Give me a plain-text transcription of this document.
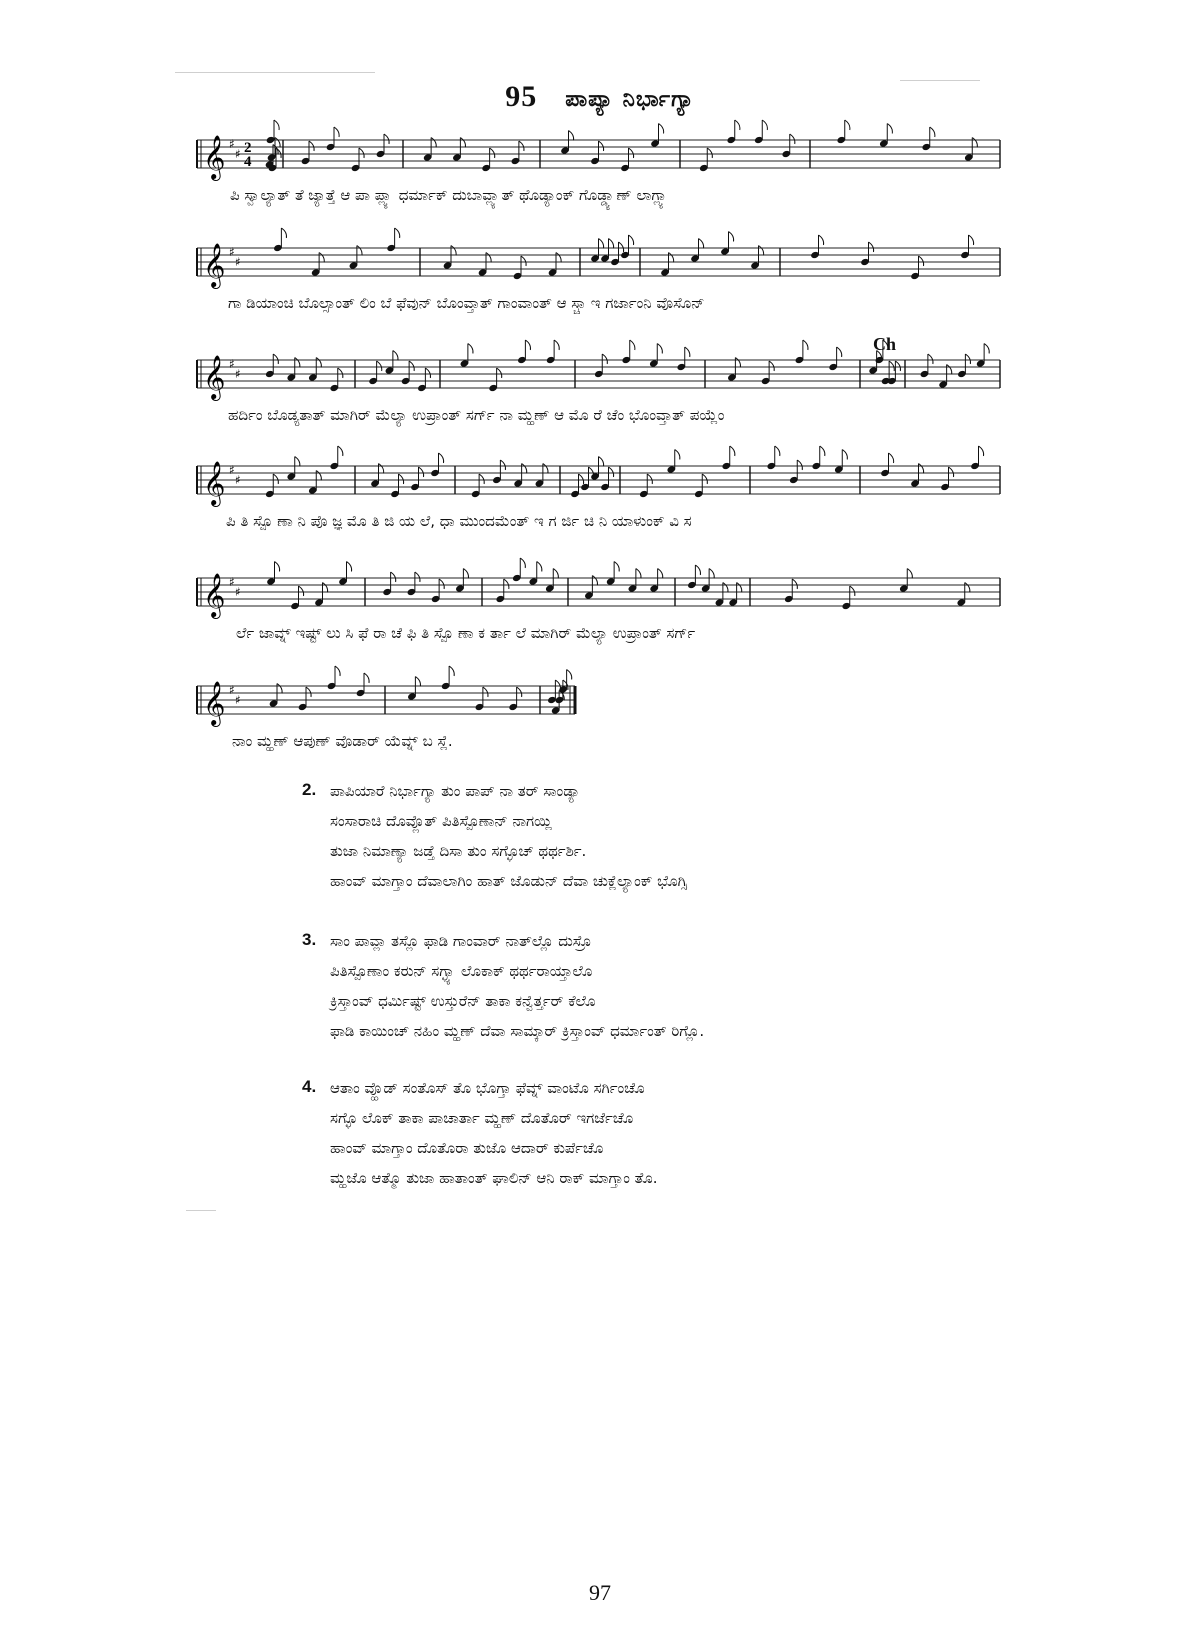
95 ಪಾಪ್ಯಾ ನಿರ್ಭಾಗ್ಯಾ
𝄞 ♯
♯ 2
4
ಪಿ ಸ್ವಾಲ್ಯಾತ್ ತೆ ಜ್ಯಾತ್ತೆ ಆ ಪಾ ಪ್ಲ್ಯಾ ಧರ್ಮಾಕ್ ದುಬಾವ್ಲ್ಯಾತ್ ಥೊಡ್ಯಾಂಕ್ ಗೊಡ್ಡ್ಯಾಣ್ ಲಾಗ್ಲ್ಯಾ
𝄞 ♯
♯
ಗಾ ಡಿಯಾಂಚಿ ಬೊಲ್ಸಾಂತ್ ಲಿಂ ಬೆ ಫೆವುನ್ ಬೊಂವ್ತಾತ್ ಗಾಂವಾಂತ್ ಆ ಸ್ಚಾ ಇ ಗರ್ಜಾಂನಿ ವೊಸೊನ್
Ch
𝄞 ♯
♯
ಹರ್ದಿಂ ಬೊಡ್ಯತಾತ್ ಮಾಗಿರ್ ಮೆಲ್ಯಾ ಉಪ್ರಾಂತ್ ಸರ್ಗ್ ನಾ ಮ್ಹಣ್ ಆ ಮೊ ರೆ ಚೆಂ ಭೊಂವ್ತಾತ್ ಪಯ್ಲೆಂ
𝄞 ♯
♯
ಪಿ ತಿ ಸ್ಪೊ ಣಾ ನಿ ಪೊ ಜ್ಞ ಮೊ ತಿ ಜಿ ಯ ಲೆ, ಧಾ ಮುಂದಮೆಂತ್ ಇ ಗ ರ್ಜಿ ಚಿ ನಿ ಯಾಳುಂಕ್ ವಿ ಸ
𝄞 ♯
♯
ರ್ಲೆ ಜಾವ್ನ್ ಇಷ್ಟ್ ಲು ಸಿ ಫೆ ರಾ ಚೆ ಫಿ ತಿ ಸ್ಪೊ ಣಾ ಕ ರ್ತಾ ಲೆ ಮಾಗಿರ್ ಮೆಲ್ಯಾ ಉಪ್ರಾಂತ್ ಸರ್ಗ್
𝄞 ♯
♯
ನಾಂ ಮ್ಹಣ್ ಆಪುಣ್ ವೊಡಾರ್ ಯೆವ್ನ್ ಬ ಸ್ಲೆ.
2. ಪಾಪಿಯಾರೆ ನಿರ್ಭಾಗ್ಯಾ ತುಂ ಪಾಪ್ ನಾ ತರ್ ಸಾಂಡ್ಯಾ
ಸಂಸಾರಾಚಿ ದೊವ್ಲೊತ್ ಪಿತಿಸ್ಪೊಣಾನ್ ನಾಗಯ್ಲಿ
ತುಜಾ ನಿಮಾಣ್ಯಾ ಜಡ್ತೆ ದಿಸಾ ತುಂ ಸಗ್ಳೊಚ್ ಥರ್ಥರ್ಶಿ.
ಹಾಂವ್ ಮಾಗ್ತಾಂ ದೆವಾಲಾಗಿಂ ಹಾತ್ ಜೊಡುನ್ ದೆವಾ ಚುಕ್ಲೆಲ್ಯಾಂಕ್ ಭೊಗ್ಸಿ
3. ಸಾಂ ಪಾವ್ಲಾ ತಸ್ಲೊ ಫಾಡಿ ಗಾಂವಾರ್ ನಾತ್‌ಲ್ಲೊ ದುಸ್ರೊ
ಪಿತಿಸ್ಪೊಣಾಂ ಕರುನ್ ಸಗ್ಳ್ಯಾ ಲೊಕಾಕ್ ಥರ್ಥರಾಯ್ತಾಲೊ
ಕ್ರಿಸ್ತಾಂವ್ ಧರ್ಮಿಷ್ಟ್ ಉಸ್ತುರೆನ್ ತಾಕಾ ಕನ್ವೆರ್ತ್ತರ್ ಕೆಲೊ
ಫಾಡಿ ಕಾಯಿಂಚ್ ನಹಿಂ ಮ್ಹಣ್ ದೆವಾ ಸಾಮ್ಕಾರ್ ಕ್ರಿಸ್ತಾಂವ್ ಧರ್ಮಾಂತ್ ರಿಗ್ಲೊ.
4. ಆತಾಂ ವ್ಹೊಡ್ ಸಂತೊಸ್ ತೊ ಭೊಗ್ತಾ ಫೆವ್ನ್ ವಾಂಟೊ ಸರ್ಗಿಂಚೊ
ಸಗ್ಳೊ ಲೊಕ್ ತಾಕಾ ಪಾಚಾರ್ತಾ ಮ್ಹಣ್ ದೊತೊರ್ ಇಗರ್ಜೆಚೊ
ಹಾಂವ್ ಮಾಗ್ತಾಂ ದೊತೊರಾ ತುಜೊ ಆದಾರ್ ಕುರ್ಪೆಚೊ
ಮ್ಹಜೊ ಆತ್ಮೊ ತುಜಾ ಹಾತಾಂತ್ ಘಾಲಿನ್ ಆನಿ ರಾಕ್ ಮಾಗ್ತಾಂ ತೊ.
97
